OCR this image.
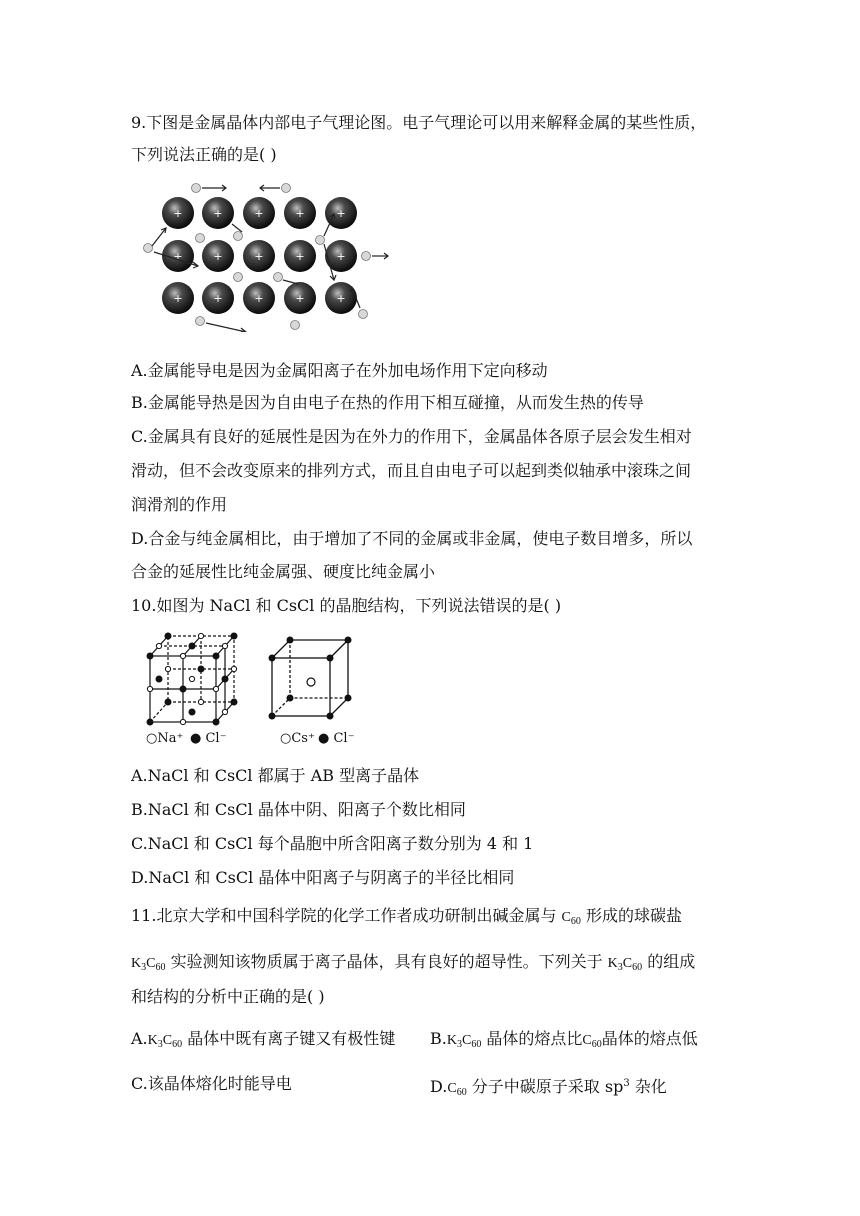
9.下图是金属晶体内部电子气理论图。电子气理论可以用来解释金属的某些性质，
下列说法正确的是( )
+	+	+	+	+
+	+	+	+	+
+	+	+	+	+
A.金属能导电是因为金属阳离子在外加电场作用下定向移动
B.金属能导热是因为自由电子在热的作用下相互碰撞，从而发生热的传导
C.金属具有良好的延展性是因为在外力的作用下，金属晶体各原子层会发生相对
滑动，但不会改变原来的排列方式，而且自由电子可以起到类似轴承中滚珠之间
润滑剂的作用
D.合金与纯金属相比，由于增加了不同的金属或非金属，使电子数目增多，所以
合金的延展性比纯金属强、硬度比纯金属小
10.如图为 NaCl 和 CsCl 的晶胞结构，下列说法错误的是( )
○Na⁺ ● Cl⁻	○Cs⁺ ● Cl⁻
A.NaCl 和 CsCl 都属于 AB 型离子晶体
B.NaCl 和 CsCl 晶体中阴、阳离子个数比相同
C.NaCl 和 CsCl 每个晶胞中所含阳离子数分别为 4 和 1
D.NaCl 和 CsCl 晶体中阳离子与阴离子的半径比相同
11.北京大学和中国科学院的化学工作者成功研制出碱金属与 $C_{60}$ 形成的球碳盐
$K_3C_{60}$ 实验测知该物质属于离子晶体，具有良好的超导性。下列关于 $K_3C_{60}$ 的组成
和结构的分析中正确的是( )
$A.K_3C_{60}$ 晶体中既有离子键又有极性键 $B.K_3C_{60}$ 晶体的熔点比$C_{60}$晶体的熔点低
C.该晶体熔化时能导电	$D.C_{60}$ 分子中碳原子采取 $sp^3$ 杂化
